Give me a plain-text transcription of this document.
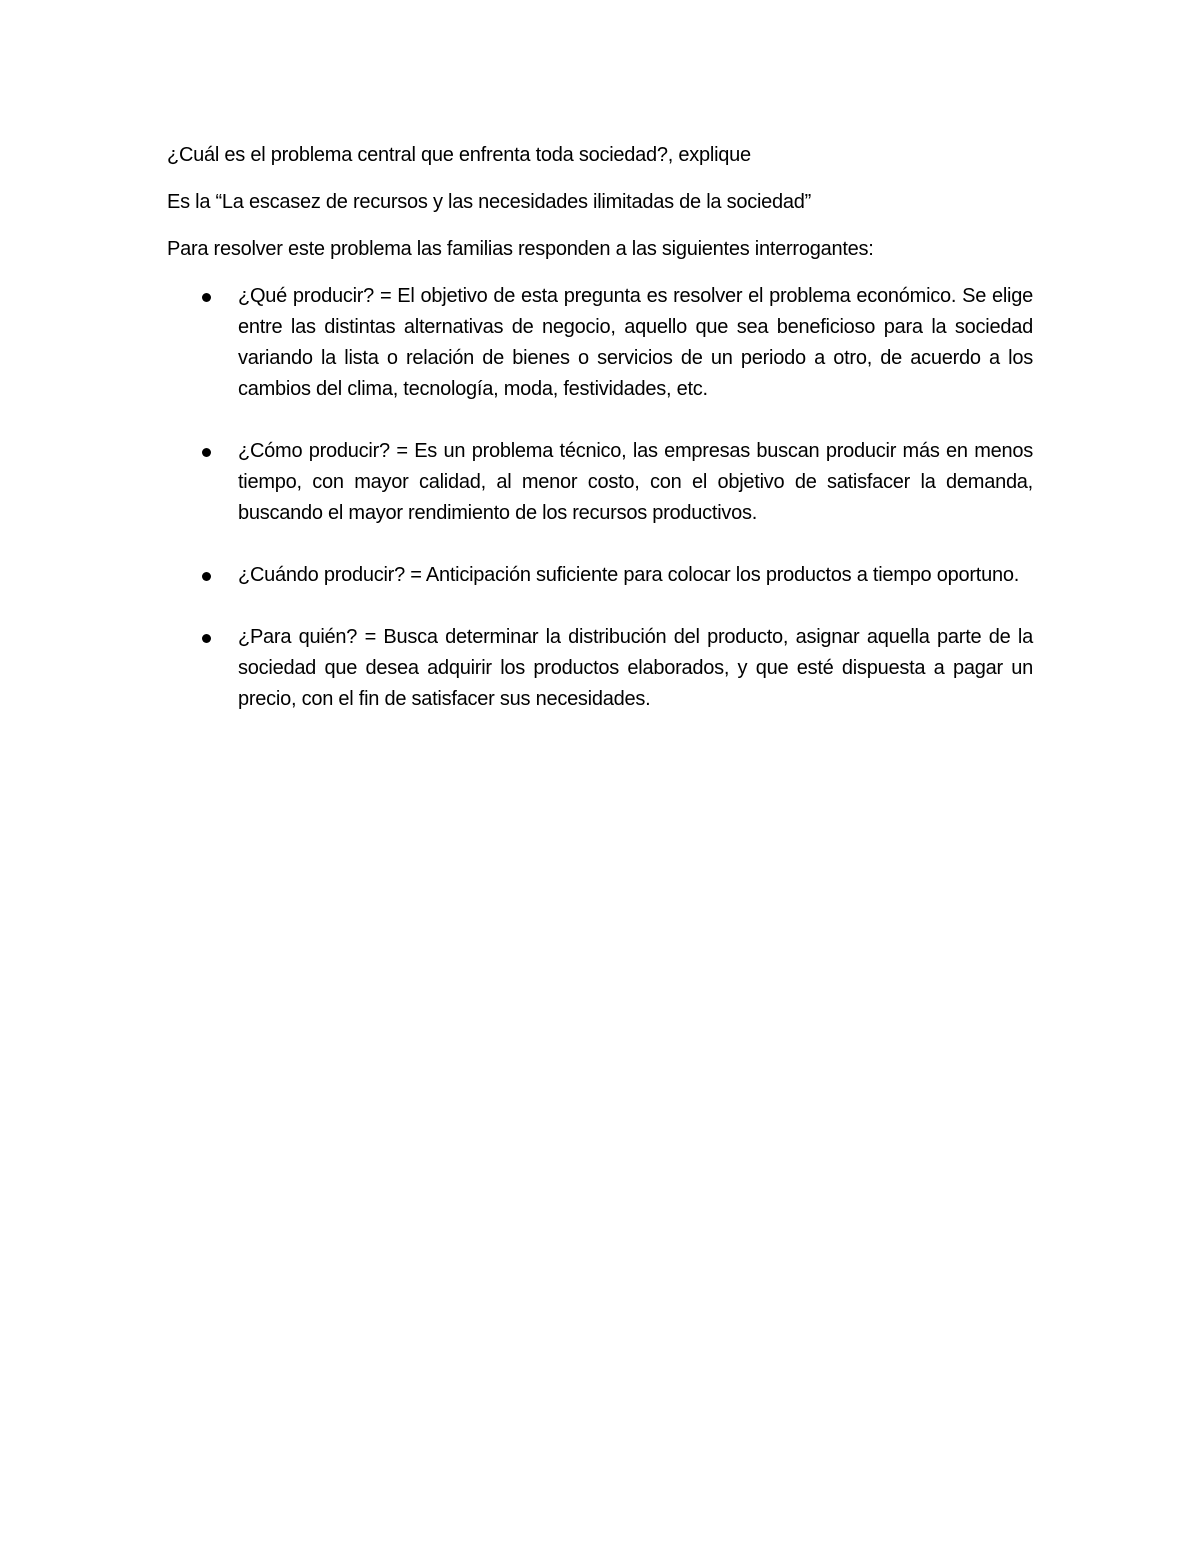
¿Cuál es el problema central que enfrenta toda sociedad?, explique

Es la “La escasez de recursos y las necesidades ilimitadas de la sociedad”

Para resolver este problema las familias responden a las siguientes interrogantes:

¿Qué producir? = El objetivo de esta pregunta es resolver el problema económico. Se elige entre las distintas alternativas de negocio, aquello que sea beneficioso para la sociedad variando la lista o relación de bienes o servicios de un periodo a otro, de acuerdo a los cambios del clima, tecnología, moda, festividades, etc.
¿Cómo producir? = Es un problema técnico, las empresas buscan producir más en menos tiempo, con mayor calidad, al menor costo, con el objetivo de satisfacer la demanda, buscando el mayor rendimiento de los recursos productivos.
¿Cuándo producir? = Anticipación suficiente para colocar los productos a tiempo oportuno.
¿Para quién? = Busca determinar la distribución del producto, asignar aquella parte de la sociedad que desea adquirir los productos elaborados, y que esté dispuesta a pagar un precio, con el fin de satisfacer sus necesidades.
